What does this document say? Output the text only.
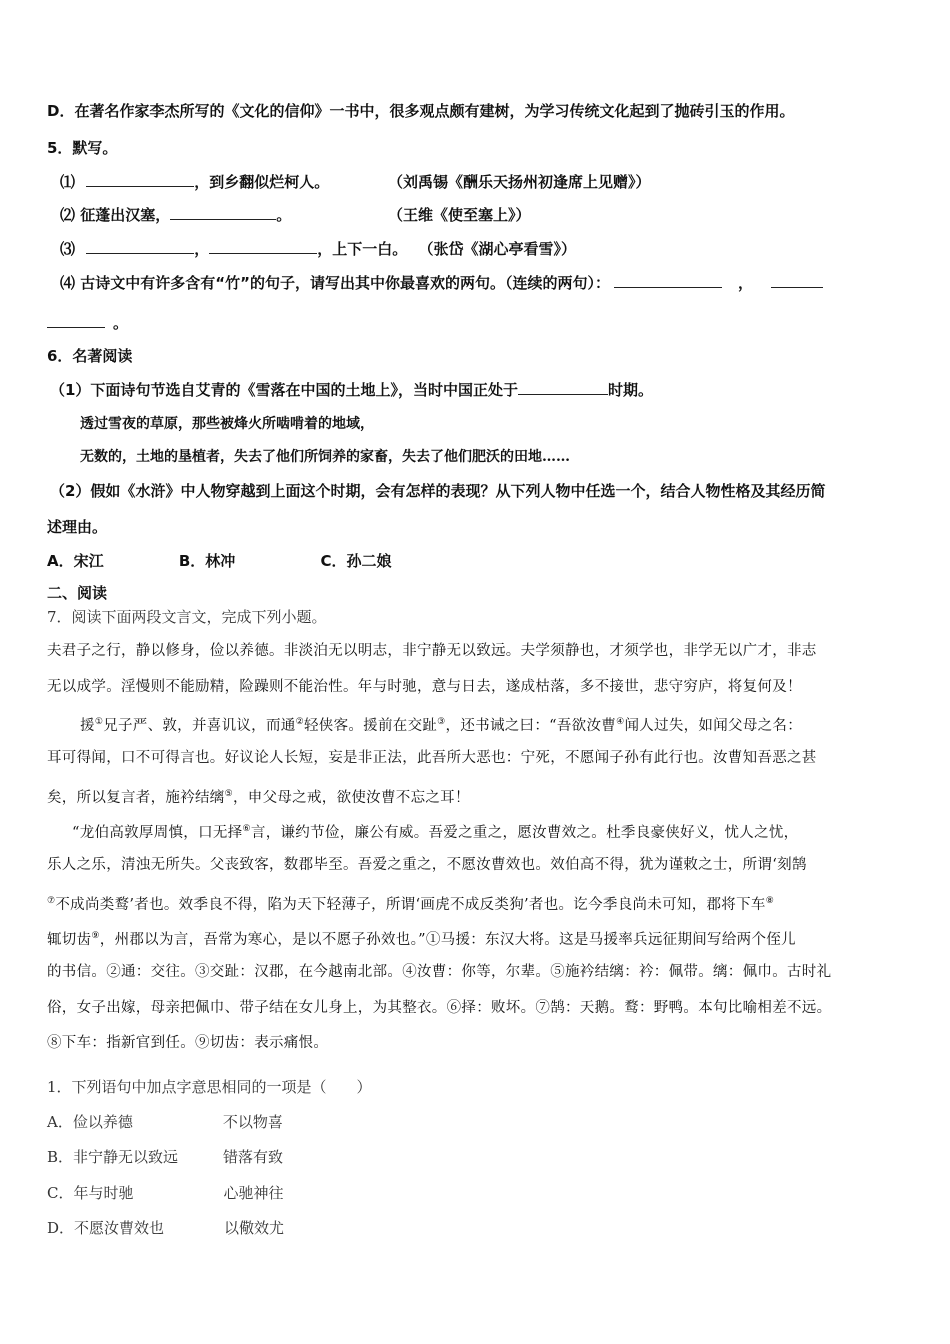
D．在著名作家李杰所写的《文化的信仰》一书中，很多观点颇有建树，为学习传统文化起到了抛砖引玉的作用。
5．默写。
⑴	，到乡翻似烂柯人。	（刘禹锡《酬乐天扬州初逢席上见赠》）
⑵ 征蓬出汉塞，	。	（王维《使至塞上》）
⑶	，	，上下一白。 （张岱《湖心亭看雪》）
⑷ 古诗文中有许多含有“竹”的句子，请写出其中你最喜欢的两句。（连续的两句）：	，
。
6．名著阅读
（1）下面诗句节选自艾青的《雪落在中国的土地上》，当时中国正处于	时期。
透过雪夜的草原，那些被烽火所啮啃着的地域，
无数的，土地的垦植者，失去了他们所饲养的家畜，失去了他们肥沃的田地……
（2）假如《水浒》中人物穿越到上面这个时期，会有怎样的表现？从下列人物中任选一个，结合人物性格及其经历简
述理由。
A．宋江	B．林冲	C．孙二娘
二、阅读
7．阅读下面两段文言文，完成下列小题。
夫君子之行，静以修身，俭以养德。非淡泊无以明志，非宁静无以致远。夫学须静也，才须学也，非学无以广才，非志
无以成学。淫慢则不能励精，险躁则不能治性。年与时驰，意与日去，遂成枯落，多不接世，悲守穷庐，将复何及！
援①兄子严、敦，并喜讥议，而通②轻侠客。援前在交趾③，还书诫之曰：“吾欲汝曹④闻人过失，如闻父母之名：
耳可得闻，口不可得言也。好议论人长短，妄是非正法，此吾所大恶也：宁死，不愿闻子孙有此行也。汝曹知吾恶之甚
矣，所以复言者，施衿结缡⑤，申父母之戒，欲使汝曹不忘之耳！
“龙伯高敦厚周慎，口无择⑥言，谦约节俭，廉公有威。吾爱之重之，愿汝曹效之。杜季良豪侠好义，忧人之忧，
乐人之乐，清浊无所失。父丧致客，数郡毕至。吾爱之重之，不愿汝曹效也。效伯高不得，犹为谨敕之士，所谓‘刻鹄
⑦不成尚类鹜’者也。效季良不得，陷为天下轻薄子，所谓‘画虎不成反类狗’者也。讫今季良尚未可知，郡将下车⑧
辄切齿⑨，州郡以为言，吾常为寒心，是以不愿子孙效也。”①马援：东汉大将。这是马援率兵远征期间写给两个侄儿
的书信。②通：交往。③交趾：汉郡，在今越南北部。④汝曹：你等，尔辈。⑤施衿结缡：衿：佩带。缡：佩巾。古时礼
俗，女子出嫁，母亲把佩巾、带子结在女儿身上，为其整衣。⑥择：败坏。⑦鹄：天鹅。鹜：野鸭。本句比喻相差不远。
⑧下车：指新官到任。⑨切齿：表示痛恨。
1．下列语句中加点字意思相同的一项是（　　）
A．俭以养德	不以物喜
B．非宁静无以致远	错落有致
C．年与时驰	心驰神往
D．不愿汝曹效也	以儆效尤
